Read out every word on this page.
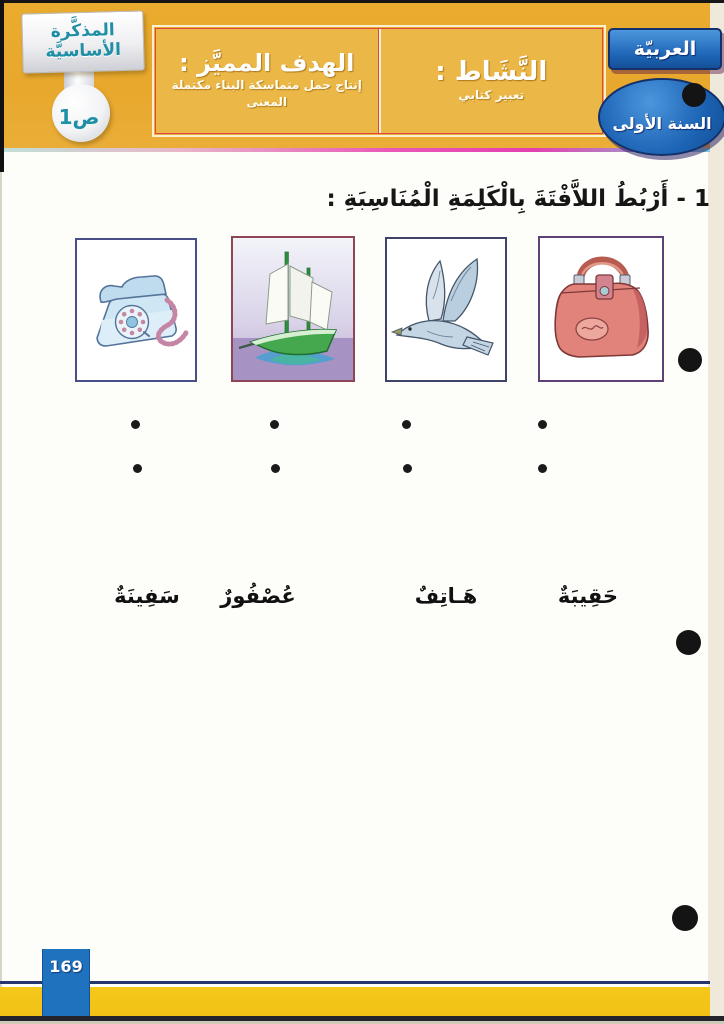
المذكَّرة الأساسيَّة
ص1
النَّشَاط :
تعبير كتابي
الهدف المميَّز :
إنتاج جمل متماسكة البناء مكتملة
المعنى
العربيّة
السنة الأولى
1 - أَرْبُطُ اللاَّفْتَةَ بِالْكَلِمَةِ الْمُنَاسِبَةِ :
سَفِينَةٌ عُصْفُورٌ	هَـاتِفٌ	حَقِيبَةٌ
169
